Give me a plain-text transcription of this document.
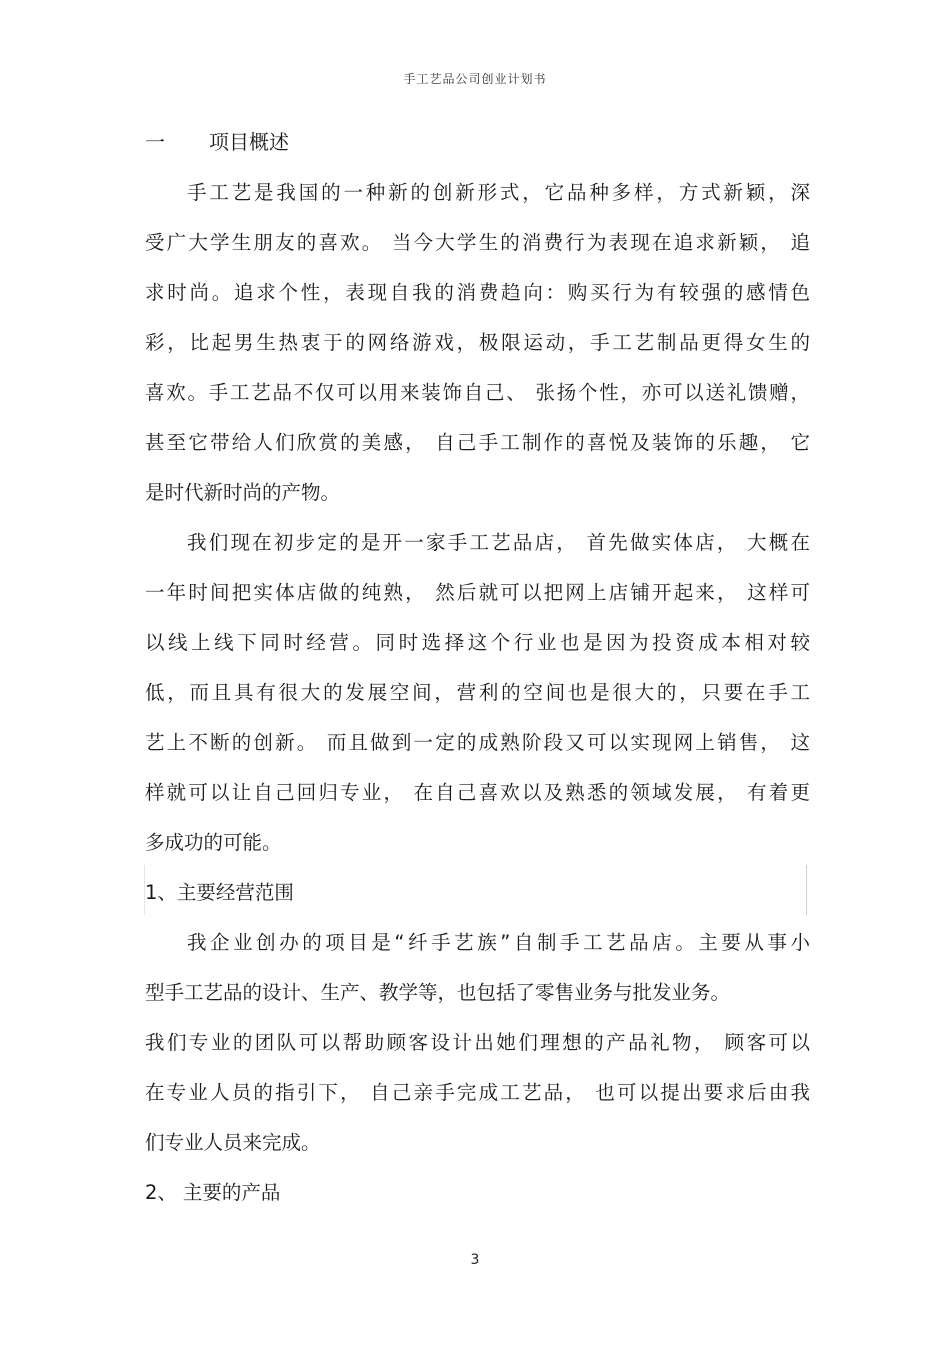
手工艺品公司创业计划书
一 项目概述
手工艺是我国的一种新的创新形式，它品种多样，方式新颖，深
受广大学生朋友的喜欢。 当今大学生的消费行为表现在追求新颖， 追
求时尚。追求个性，表现自我的消费趋向：购买行为有较强的感情色
彩，比起男生热衷于的网络游戏，极限运动，手工艺制品更得女生的
喜欢。手工艺品不仅可以用来装饰自己、 张扬个性，亦可以送礼馈赠，
甚至它带给人们欣赏的美感， 自己手工制作的喜悦及装饰的乐趣， 它
是时代新时尚的产物。
我们现在初步定的是开一家手工艺品店， 首先做实体店， 大概在
一年时间把实体店做的纯熟， 然后就可以把网上店铺开起来， 这样可
以线上线下同时经营。同时选择这个行业也是因为投资成本相对较
低，而且具有很大的发展空间，营利的空间也是很大的，只要在手工
艺上不断的创新。 而且做到一定的成熟阶段又可以实现网上销售， 这
样就可以让自己回归专业， 在自己喜欢以及熟悉的领域发展， 有着更
多成功的可能。
1、主要经营范围
我企业创办的项目是“纤手艺族”自制手工艺品店。主要从事小
型手工艺品的设计、生产、教学等，也包括了零售业务与批发业务。
我们专业的团队可以帮助顾客设计出她们理想的产品礼物， 顾客可以
在专业人员的指引下， 自己亲手完成工艺品， 也可以提出要求后由我
们专业人员来完成。
2、 主要的产品
3
